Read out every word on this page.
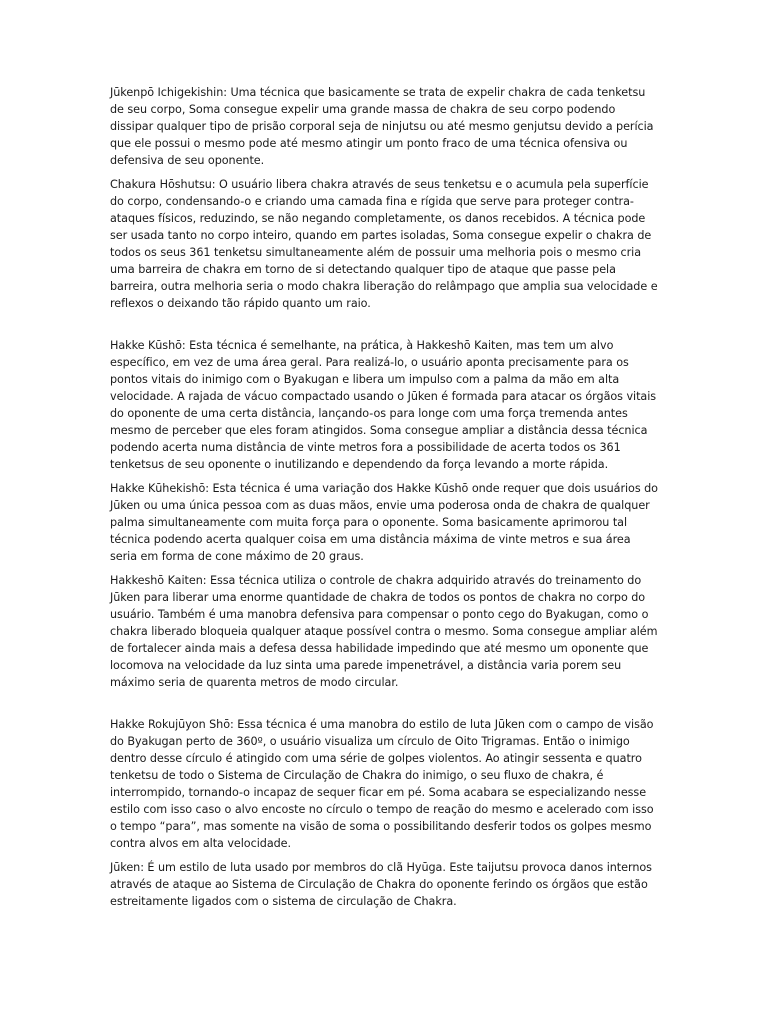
Jūkenpō Ichigekishin: Uma técnica que basicamente se trata de expelir chakra de cada tenketsu de seu corpo, Soma consegue expelir uma grande massa de chakra de seu corpo podendo dissipar qualquer tipo de prisão corporal seja de ninjutsu ou até mesmo genjutsu devido a perícia que ele possui o mesmo pode até mesmo atingir um ponto fraco de uma técnica ofensiva ou defensiva de seu oponente.

Chakura Hōshutsu: O usuário libera chakra através de seus tenketsu e o acumula pela superfície do corpo, condensando-o e criando uma camada fina e rígida que serve para proteger contra-ataques físicos, reduzindo, se não negando completamente, os danos recebidos. A técnica pode ser usada tanto no corpo inteiro, quando em partes isoladas, Soma consegue expelir o chakra de todos os seus 361 tenketsu simultaneamente além de possuir uma melhoria pois o mesmo cria uma barreira de chakra em torno de si detectando qualquer tipo de ataque que passe pela barreira, outra melhoria seria o modo chakra liberação do relâmpago que amplia sua velocidade e reflexos o deixando tão rápido quanto um raio.

Hakke Kūshō: Esta técnica é semelhante, na prática, à Hakkeshō Kaiten, mas tem um alvo específico, em vez de uma área geral. Para realizá-lo, o usuário aponta precisamente para os pontos vitais do inimigo com o Byakugan e libera um impulso com a palma da mão em alta velocidade. A rajada de vácuo compactado usando o Jūken é formada para atacar os órgãos vitais do oponente de uma certa distância, lançando-os para longe com uma força tremenda antes mesmo de perceber que eles foram atingidos. Soma consegue ampliar a distância dessa técnica podendo acerta numa distância de vinte metros fora a possibilidade de acerta todos os 361 tenketsus de seu oponente o inutilizando e dependendo da força levando a morte rápida.

Hakke Kūhekishō: Esta técnica é uma variação dos Hakke Kūshō onde requer que dois usuários do Jūken ou uma única pessoa com as duas mãos, envie uma poderosa onda de chakra de qualquer palma simultaneamente com muita força para o oponente. Soma basicamente aprimorou tal técnica podendo acerta qualquer coisa em uma distância máxima de vinte metros e sua área seria em forma de cone máximo de 20 graus.

Hakkeshō Kaiten: Essa técnica utiliza o controle de chakra adquirido através do treinamento do Jūken para liberar uma enorme quantidade de chakra de todos os pontos de chakra no corpo do usuário. Também é uma manobra defensiva para compensar o ponto cego do Byakugan, como o chakra liberado bloqueia qualquer ataque possível contra o mesmo. Soma consegue ampliar além de fortalecer ainda mais a defesa dessa habilidade impedindo que até mesmo um oponente que locomova na velocidade da luz sinta uma parede impenetrável, a distância varia porem seu máximo seria de quarenta metros de modo circular.

Hakke Rokujūyon Shō: Essa técnica é uma manobra do estilo de luta Jūken com o campo de visão do Byakugan perto de 360º, o usuário visualiza um círculo de Oito Trigramas. Então o inimigo dentro desse círculo é atingido com uma série de golpes violentos. Ao atingir sessenta e quatro tenketsu de todo o Sistema de Circulação de Chakra do inimigo, o seu fluxo de chakra, é interrompido, tornando-o incapaz de sequer ficar em pé. Soma acabara se especializando nesse estilo com isso caso o alvo encoste no círculo o tempo de reação do mesmo e acelerado com isso o tempo “para”, mas somente na visão de soma o possibilitando desferir todos os golpes mesmo contra alvos em alta velocidade.

Jūken: É um estilo de luta usado por membros do clã Hyūga. Este taijutsu provoca danos internos através de ataque ao Sistema de Circulação de Chakra do oponente ferindo os órgãos que estão estreitamente ligados com o sistema de circulação de Chakra.
